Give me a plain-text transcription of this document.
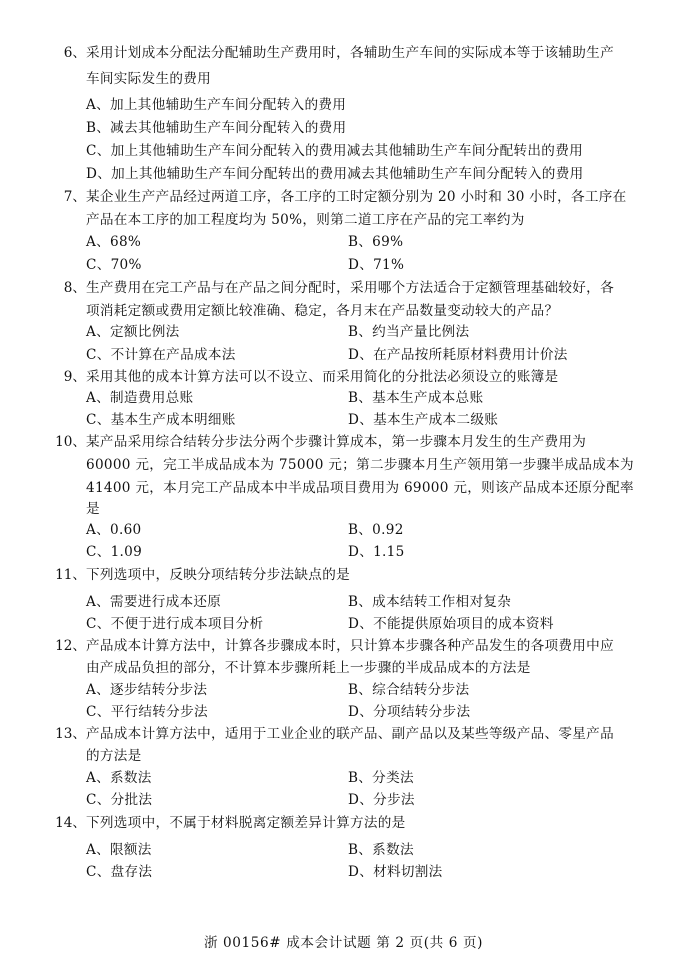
6、 采用计划成本分配法分配辅助生产费用时，各辅助生产车间的实际成本等于该辅助生产
车间实际发生的费用
A、加上其他辅助生产车间分配转入的费用
B、减去其他辅助生产车间分配转入的费用
C、加上其他辅助生产车间分配转入的费用减去其他辅助生产车间分配转出的费用
D、加上其他辅助生产车间分配转出的费用减去其他辅助生产车间分配转入的费用
7、 某企业生产产品经过两道工序，各工序的工时定额分别为 20 小时和 30 小时，各工序在
产品在本工序的加工程度均为 50%，则第二道工序在产品的完工率约为
A、68%	B、69%
C、70%	D、71%
8、 生产费用在完工产品与在产品之间分配时，采用哪个方法适合于定额管理基础较好，各
项消耗定额或费用定额比较准确、稳定，各月末在产品数量变动较大的产品？
A、定额比例法	B、约当产量比例法
C、不计算在产品成本法	D、在产品按所耗原材料费用计价法
9、 采用其他的成本计算方法可以不设立、而采用简化的分批法必须设立的账簿是
A、制造费用总账	B、基本生产成本总账
C、基本生产成本明细账	D、基本生产成本二级账
10、 某产品采用综合结转分步法分两个步骤计算成本，第一步骤本月发生的生产费用为
60000 元，完工半成品成本为 75000 元；第二步骤本月生产领用第一步骤半成品成本为
41400 元，本月完工产品成本中半成品项目费用为 69000 元，则该产品成本还原分配率
是
A、0.60	B、0.92
C、1.09	D、1.15
11、 下列选项中，反映分项结转分步法缺点的是
A、需要进行成本还原	B、成本结转工作相对复杂
C、不便于进行成本项目分析	D、不能提供原始项目的成本资料
12、 产品成本计算方法中，计算各步骤成本时，只计算本步骤各种产品发生的各项费用中应
由产成品负担的部分，不计算本步骤所耗上一步骤的半成品成本的方法是
A、逐步结转分步法	B、综合结转分步法
C、平行结转分步法	D、分项结转分步法
13、 产品成本计算方法中，适用于工业企业的联产品、副产品以及某些等级产品、零星产品
的方法是
A、系数法	B、分类法
C、分批法	D、分步法
14、 下列选项中，不属于材料脱离定额差异计算方法的是
A、限额法	B、系数法
C、盘存法	D、材料切割法
浙 00156# 成本会计试题 第 2 页(共 6 页)
